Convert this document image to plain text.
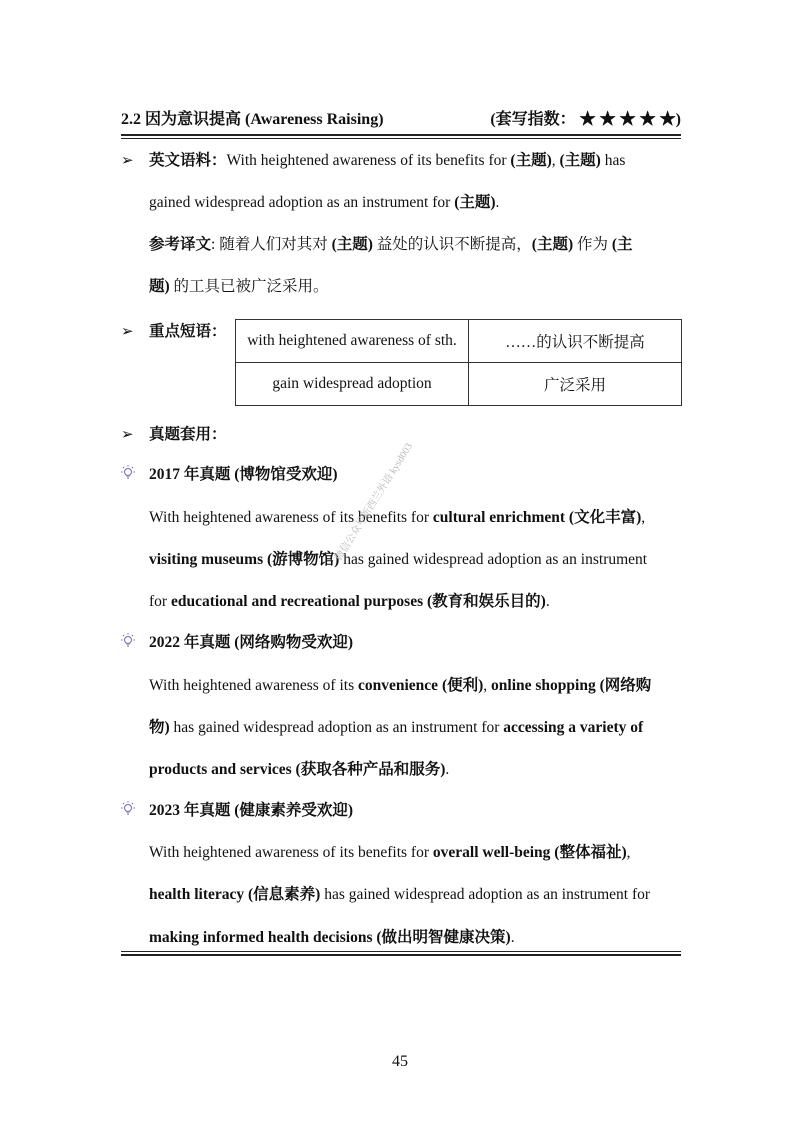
2.2 因为意识提高 (Awareness Raising)	(套写指数： ★ ★ ★ ★ ★)
➢ 英文语料：With heightened awareness of its benefits for (主题), (主题) has
gained widespread adoption as an instrument for (主题).
参考译文: 随着人们对其对 (主题) 益处的认识不断提高，(主题) 作为 (主
题) 的工具已被广泛采用。
➢ 重点短语：
with heightened awareness of sth.	……的认识不断提高
gain widespread adoption	广泛采用
➢ 真题套用：
2017 年真题 (博物馆受欢迎)
With heightened awareness of its benefits for cultural enrichment (文化丰富),
visiting museums (游博物馆) has gained widespread adoption as an instrument
for educational and recreational purposes (教育和娱乐目的).
2022 年真题 (网络购物受欢迎)
With heightened awareness of its convenience (便利), online shopping (网络购
物) has gained widespread adoption as an instrument for accessing a variety of
products and services (获取各种产品和服务).
2023 年真题 (健康素养受欢迎)
With heightened awareness of its benefits for overall well-being (整体福祉),
health literacy (信息素养) has gained widespread adoption as an instrument for
making informed health decisions (做出明智健康决策).
微信公众号新西兰外语 kysd003
45
